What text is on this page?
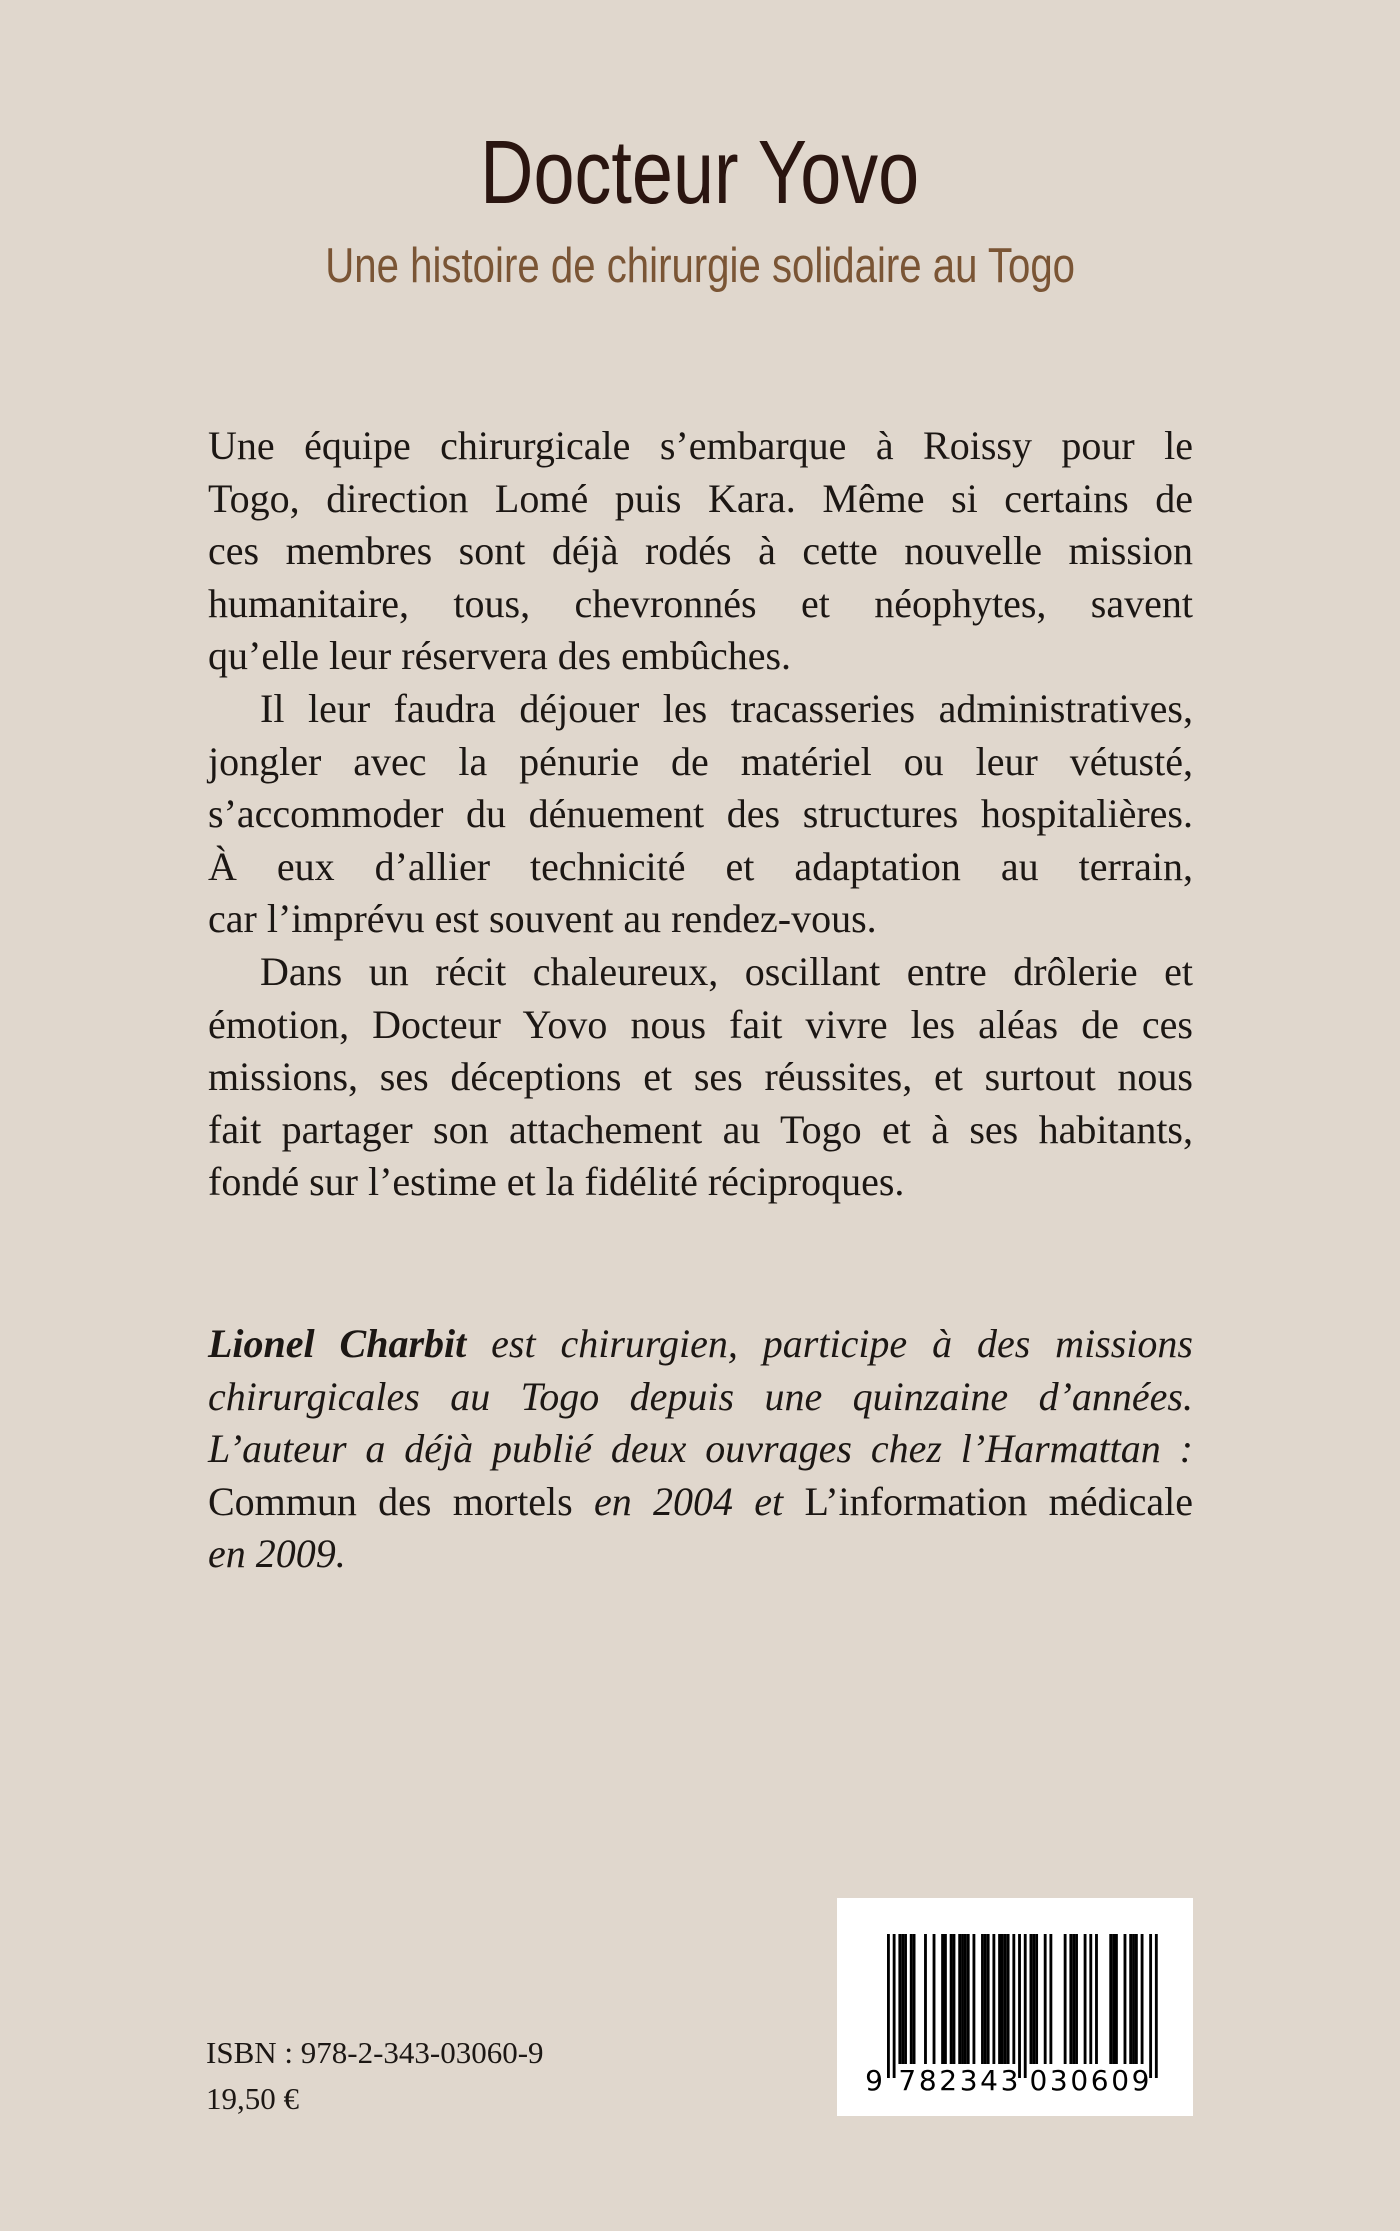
Docteur Yovo
Une histoire de chirurgie solidaire au Togo
Une équipe chirurgicale s’embarque à Roissy pour le
Togo, direction Lomé puis Kara. Même si certains de
ces membres sont déjà rodés à cette nouvelle mission
humanitaire, tous, chevronnés et néophytes, savent
qu’elle leur réservera des embûches.
Il leur faudra déjouer les tracasseries administratives,
jongler avec la pénurie de matériel ou leur vétusté,
s’accommoder du dénuement des structures hospitalières.
À eux d’allier technicité et adaptation au terrain,
car l’imprévu est souvent au rendez-vous.
Dans un récit chaleureux, oscillant entre drôlerie et
émotion, Docteur Yovo nous fait vivre les aléas de ces
missions, ses déceptions et ses réussites, et surtout nous
fait partager son attachement au Togo et à ses habitants,
fondé sur l’estime et la fidélité réciproques.
Lionel Charbit est chirurgien, participe à des missions
chirurgicales au Togo depuis une quinzaine d’années.
L’auteur a déjà publié deux ouvrages chez l’Harmattan :
Commun des mortels en 2004 et L’information médicale
en 2009.
ISBN : 978-2-343-03060-9
19,50 €
9 782343 030609
